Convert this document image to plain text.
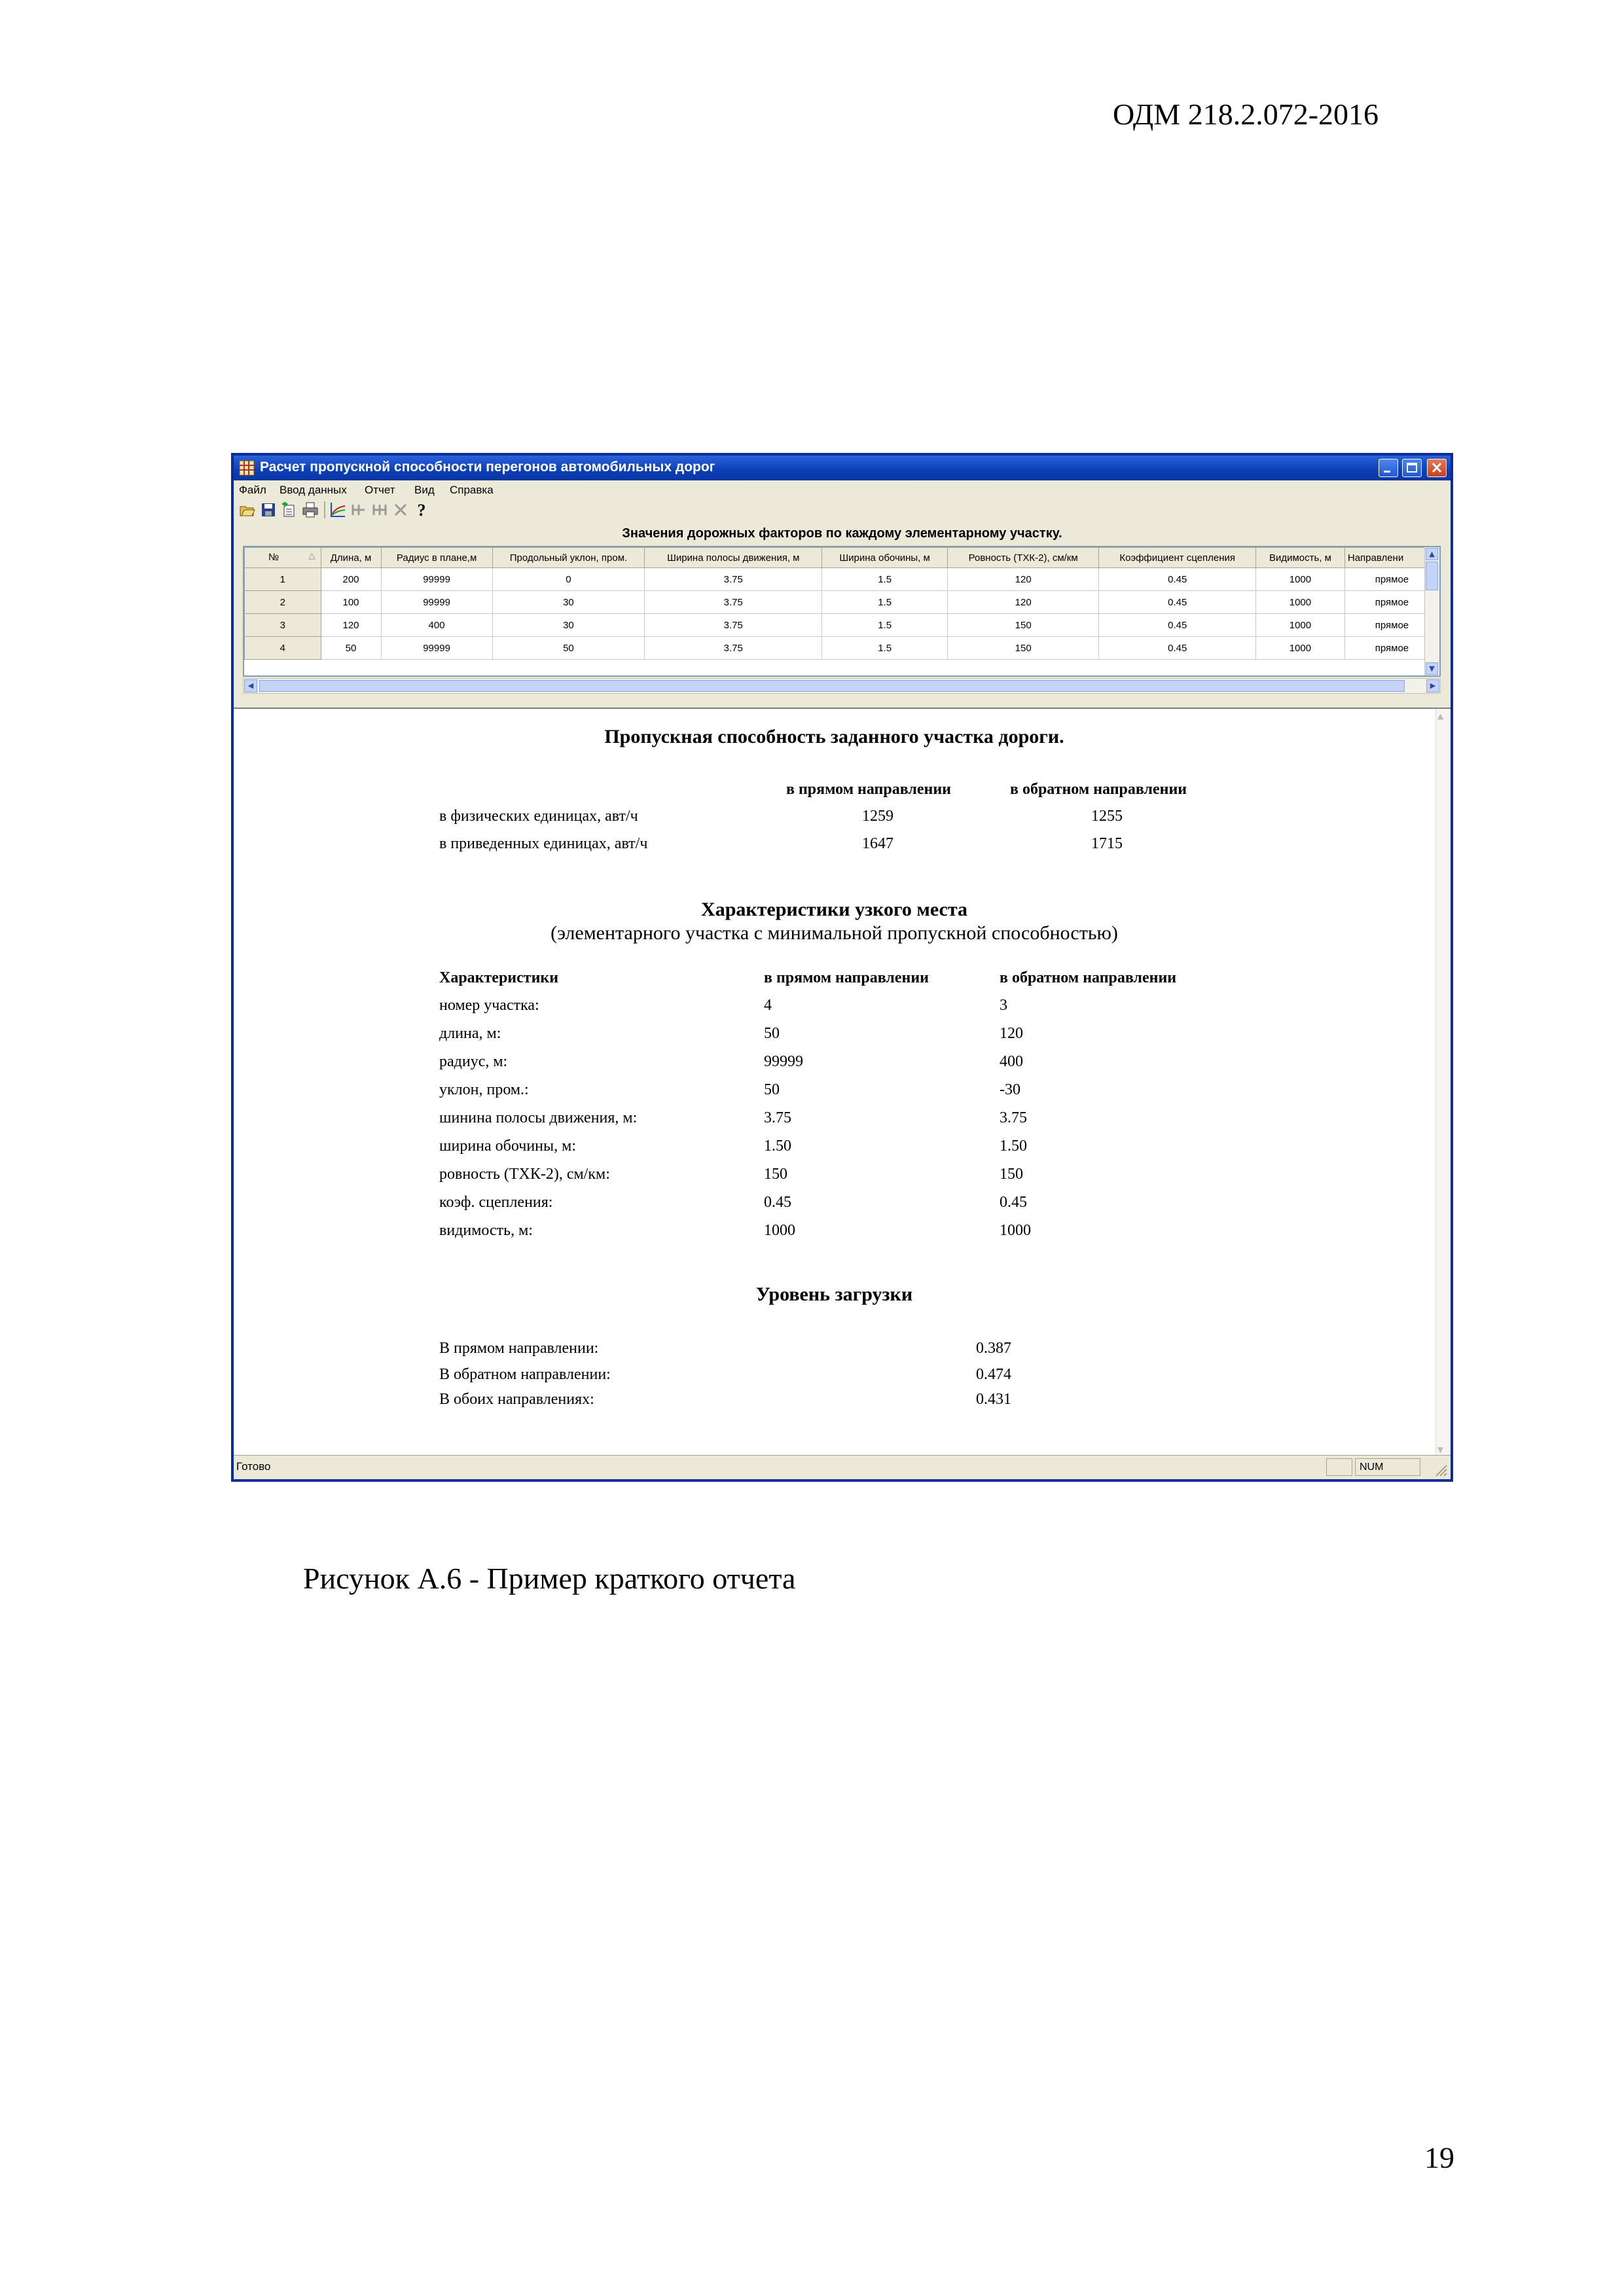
ОДМ 218.2.072-2016
Расчет пропускной способности перегонов автомобильных дорог
Файл Ввод данных Отчет Вид Справка
?
Значения дорожных факторов по каждому элементарному участку.
№ △	Длина, м	Радиус в плане,м	Продольный уклон, пром.	Ширина полосы движения, м	Ширина обочины, м	Ровность (ТХК-2), см/км	Коэффициент сцепления	Видимость, м	Направлени
1	200	99999	0	3.75	1.5	120	0.45	1000	прямое
2	100	99999	30	3.75	1.5	120	0.45	1000	прямое
3	120	400	30	3.75	1.5	150	0.45	1000	прямое
4	50	99999	50	3.75	1.5	150	0.45	1000	прямое
▲
▼
◀	▶
Пропускная способность заданного участка дороги.
в прямом направлении	в обратном направлении
в физических единицах, авт/ч	1259	1255
в приведенных единицах, авт/ч	1647	1715
Характеристики узкого места
(элементарного участка с минимальной пропускной способностью)
Характеристики	в прямом направлении	в обратном направлении
номер участка:	4	3
длина, м:	50	120
радиус, м:	99999	400
уклон, пром.:	50	-30
шинина полосы движения, м:	3.75	3.75
ширина обочины, м:	1.50	1.50
ровность (ТХК-2), см/км:	150	150
коэф. сцепления:	0.45	0.45
видимость, м:	1000	1000
Уровень загрузки
В прямом направлении:	0.387
В обратном направлении:	0.474
В обоих направлениях:	0.431
▲
▼
Готово	NUM
Рисунок А.6 - Пример краткого отчета
19
